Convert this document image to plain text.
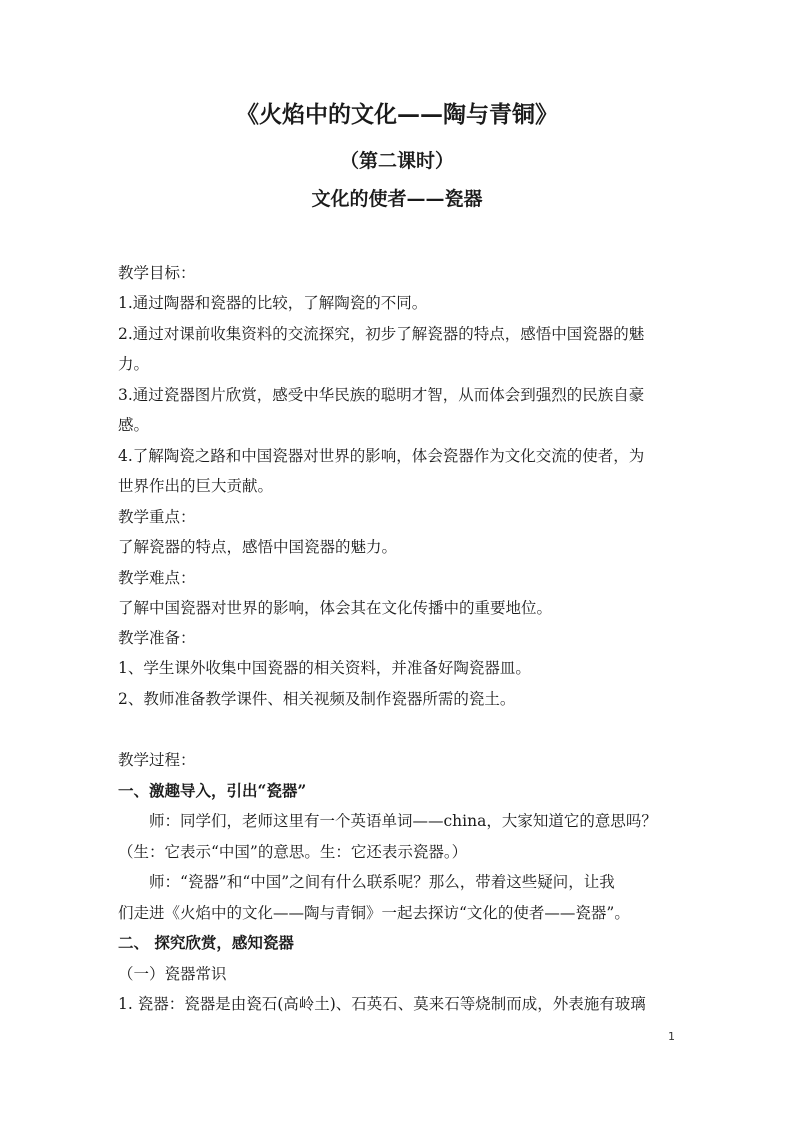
《火焰中的文化——陶与青铜》
（第二课时）
文化的使者——瓷器
教学目标：
1.通过陶器和瓷器的比较，了解陶瓷的不同。
2.通过对课前收集资料的交流探究，初步了解瓷器的特点，感悟中国瓷器的魅
力。
3.通过瓷器图片欣赏，感受中华民族的聪明才智，从而体会到强烈的民族自豪
感。
4.了解陶瓷之路和中国瓷器对世界的影响，体会瓷器作为文化交流的使者，为
世界作出的巨大贡献。
教学重点：
了解瓷器的特点，感悟中国瓷器的魅力。
教学难点：
了解中国瓷器对世界的影响，体会其在文化传播中的重要地位。
教学准备：
1、学生课外收集中国瓷器的相关资料，并准备好陶瓷器皿。
2、教师准备教学课件、相关视频及制作瓷器所需的瓷土。
教学过程：
一、激趣导入，引出“瓷器”
师：同学们，老师这里有一个英语单词——china，大家知道它的意思吗？
（生：它表示“中国”的意思。生：它还表示瓷器。）
师：“瓷器”和“中国”之间有什么联系呢？那么，带着这些疑问，让我
们走进《火焰中的文化——陶与青铜》一起去探访“文化的使者——瓷器”。
二、 探究欣赏，感知瓷器
（一）瓷器常识
1. 瓷器：瓷器是由瓷石(高岭土)、石英石、莫来石等烧制而成，外表施有玻璃
1
